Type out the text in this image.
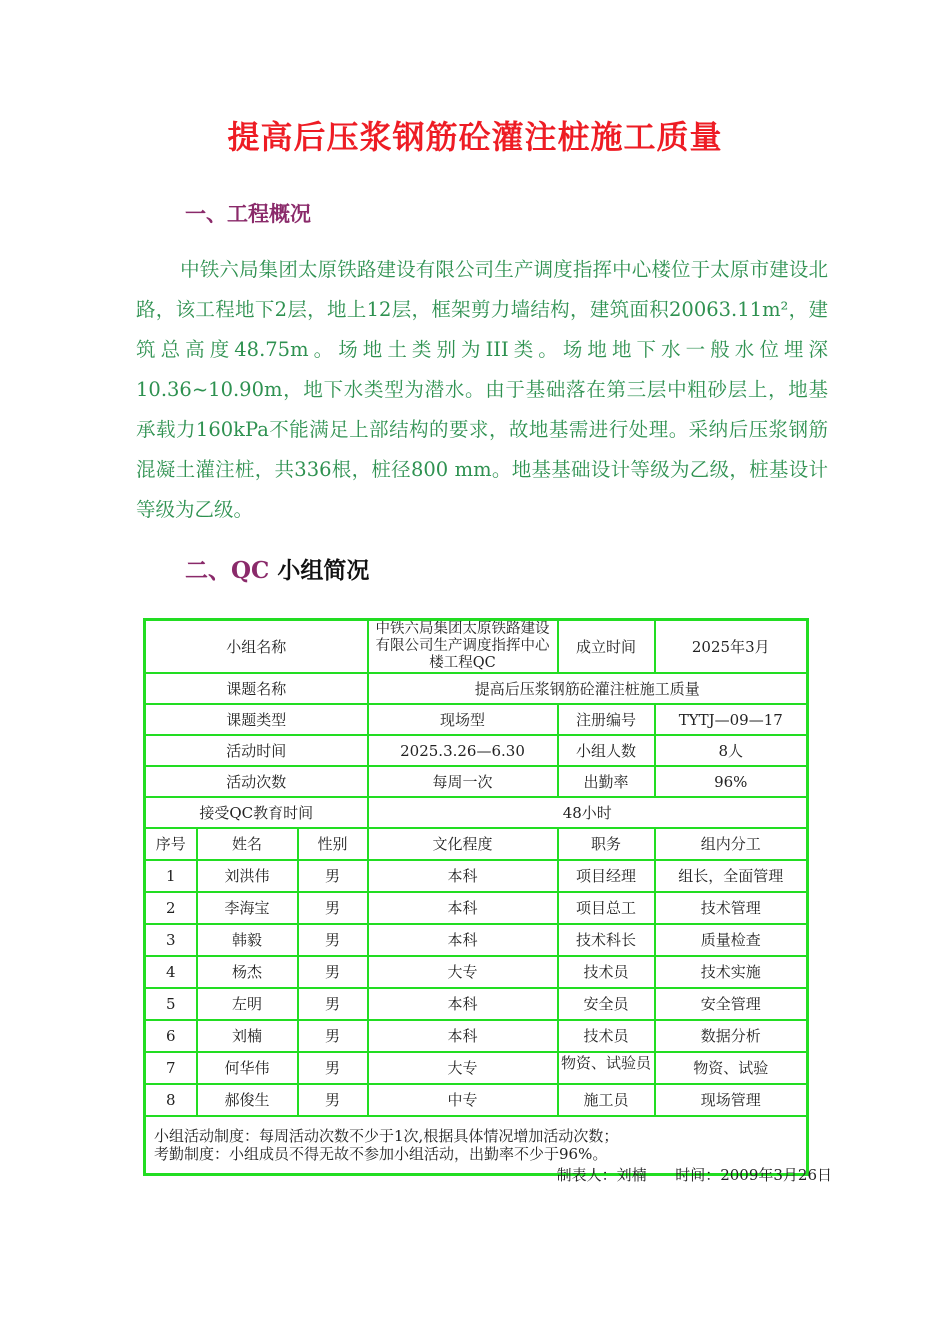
提高后压浆钢筋砼灌注桩施工质量
一、工程概况
中铁六局集团太原铁路建设有限公司生产调度指挥中心楼位于太原市建设北路，该工程地下2层，地上12层，框架剪力墙结构，建筑面积20063.11m²，建筑总高度48.75m。场地土类别为III类。场地地下水一般水位埋深10.36~10.90m，地下水类型为潜水。由于基础落在第三层中粗砂层上，地基承载力160kPa不能满足上部结构的要求，故地基需进行处理。采纳后压浆钢筋混凝土灌注桩，共336根，桩径800 mm。地基基础设计等级为乙级，桩基设计等级为乙级。
二、QC 小组简况
小组名称			中铁六局集团太原铁路建设有限公司生产调度指挥中心楼工程QC	成立时间	2025年3月
课题名称			提高后压浆钢筋砼灌注桩施工质量		
课题类型			现场型	注册编号	TYTJ—09—17
活动时间			2025.3.26—6.30	小组人数	8人
活动次数			每周一次	出勤率	96%
接受QC教育时间			48小时		
序号	姓名	性别	文化程度	职务	组内分工
1	刘洪伟	男	本科	项目经理	组长，全面管理
2	李海宝	男	本科	项目总工	技术管理
3	韩毅	男	本科	技术科长	质量检查
4	杨杰	男	大专	技术员	技术实施
5	左明	男	本科	安全员	安全管理
6	刘楠	男	本科	技术员	数据分析
7	何华伟	男	大专	物资、试验员	物资、试验
8	郝俊生	男	中专	施工员	现场管理

小组活动制度：每周活动次数不少于1次,根据具体情况增加活动次数；
考勤制度：小组成员不得无故不参加小组活动，出勤率不少于96%。					
制表人：刘楠 时间：2009年3月26日
